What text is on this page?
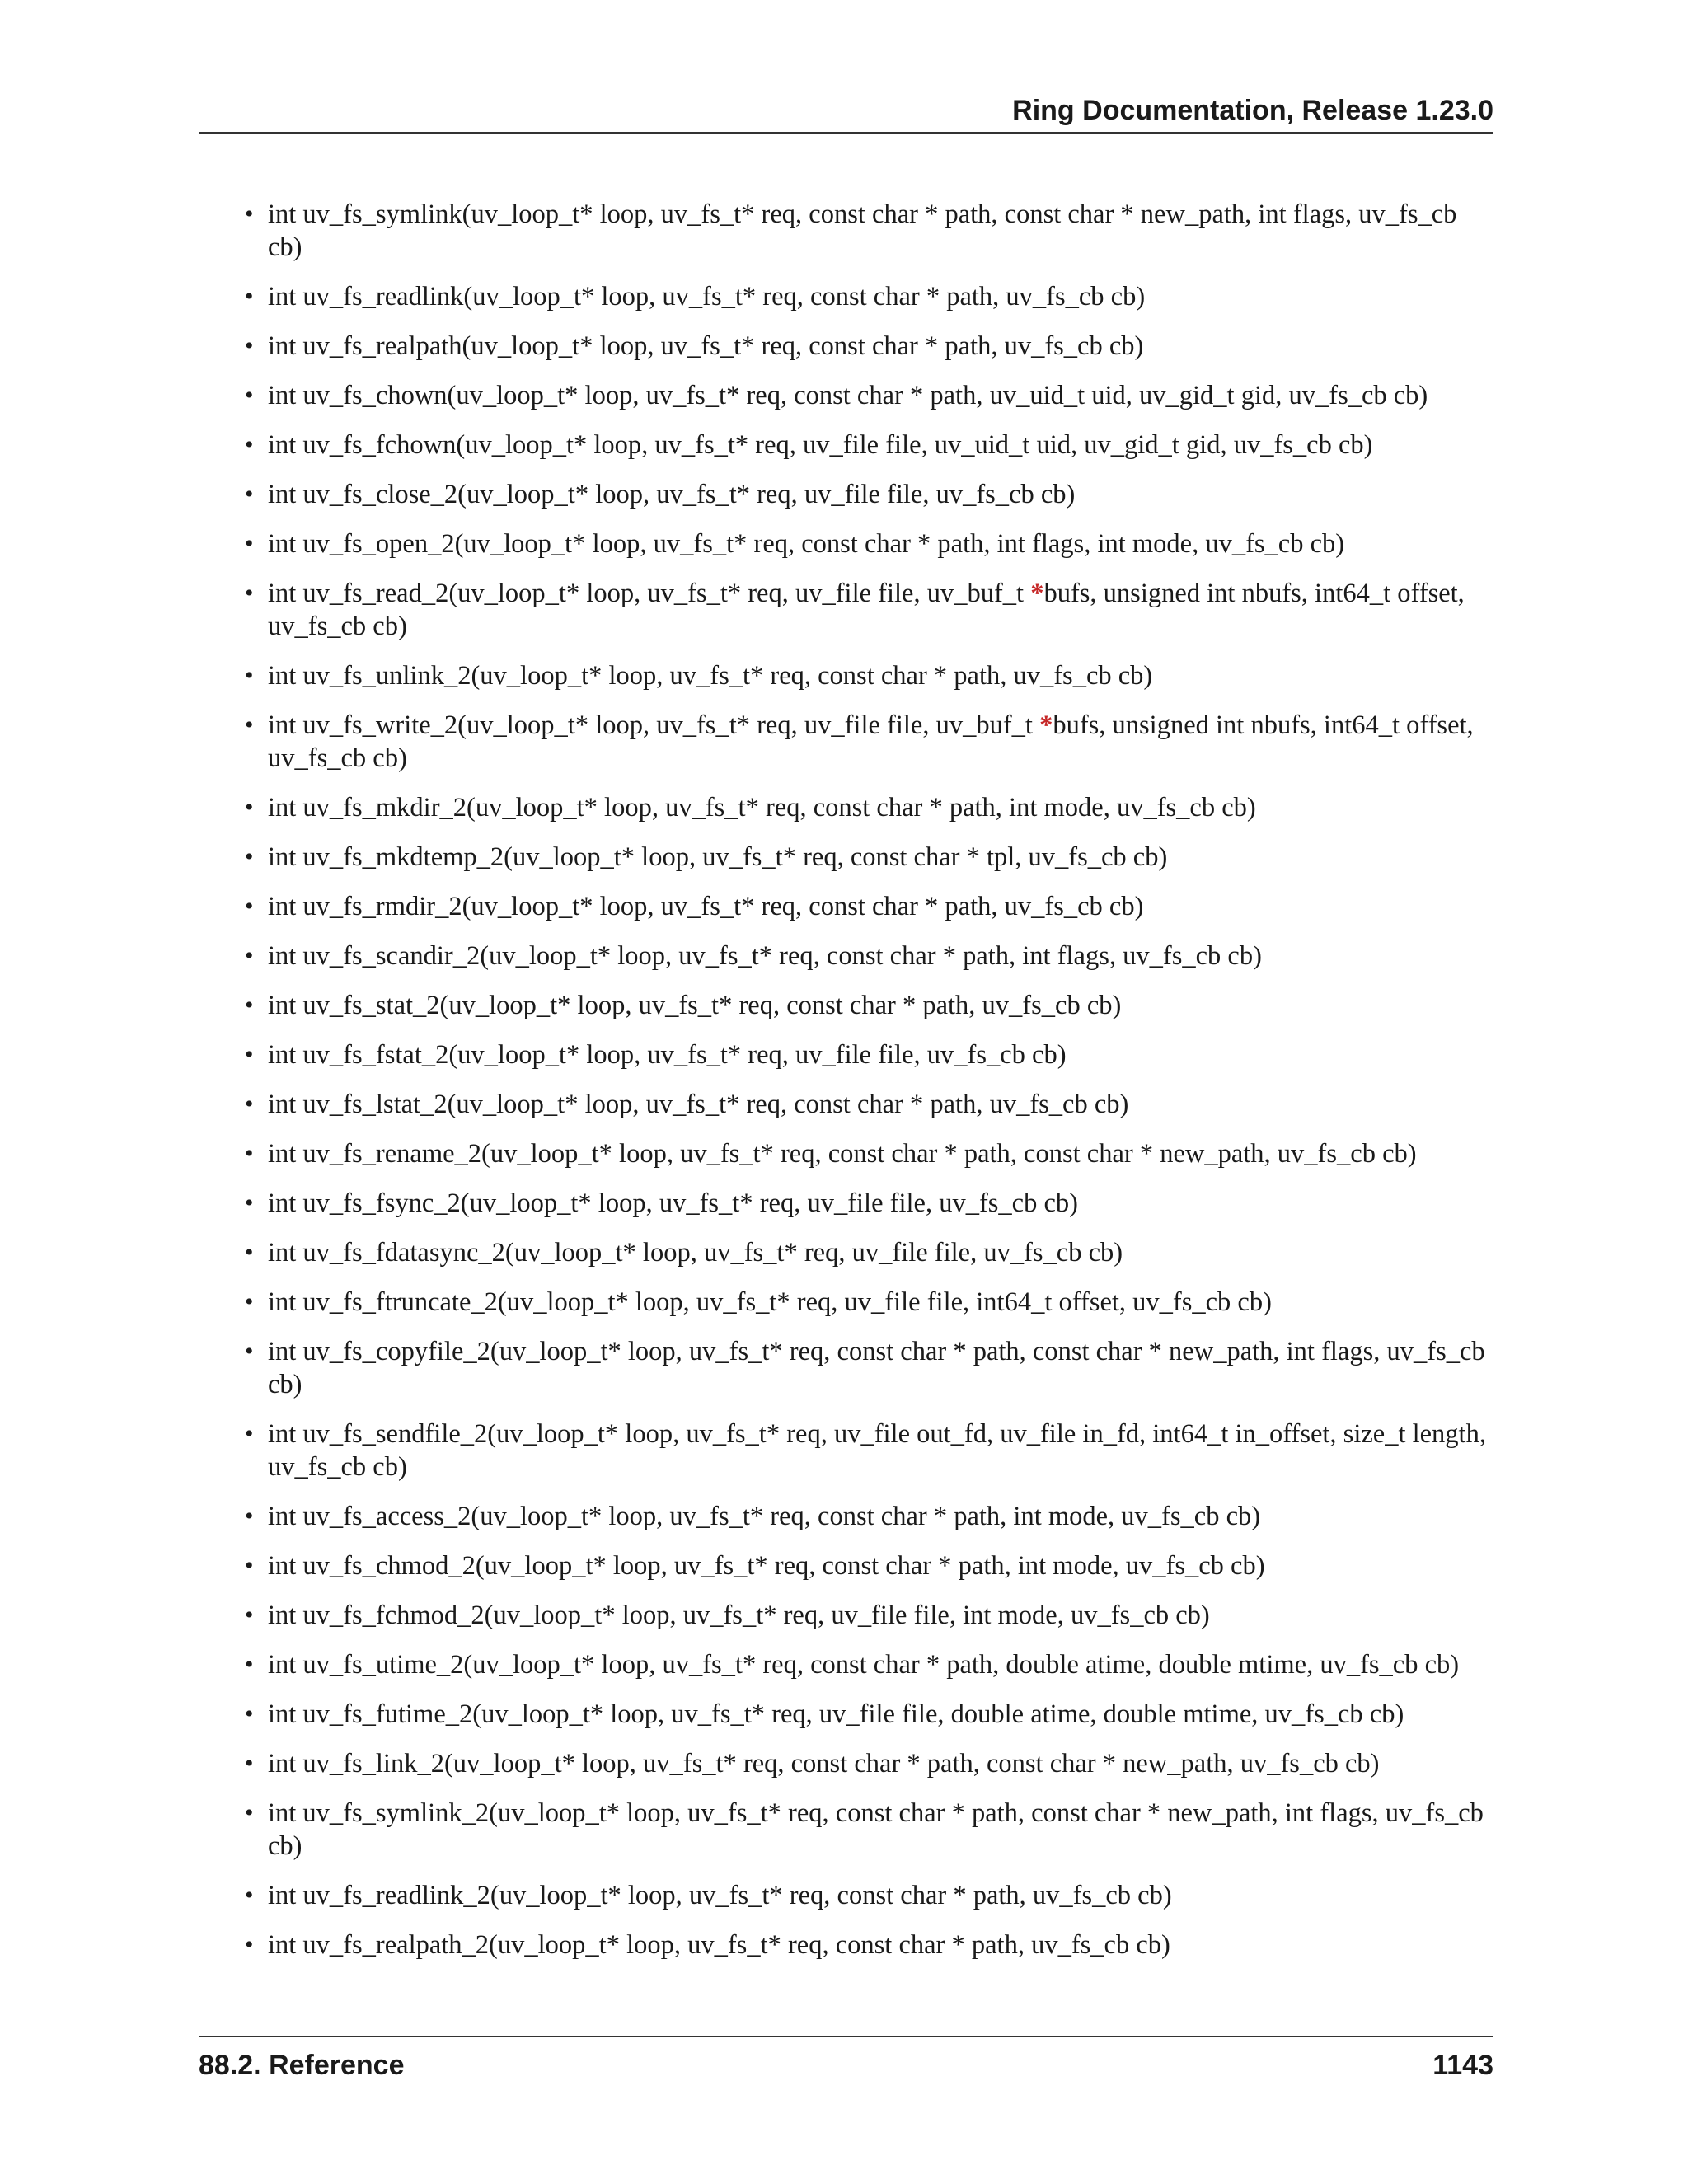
Ring Documentation, Release 1.23.0
• int uv_fs_symlink(uv_loop_t* loop, uv_fs_t* req, const char * path, const char * new_path, int flags, uv_fs_cb cb)
• int uv_fs_readlink(uv_loop_t* loop, uv_fs_t* req, const char * path, uv_fs_cb cb)
• int uv_fs_realpath(uv_loop_t* loop, uv_fs_t* req, const char * path, uv_fs_cb cb)
• int uv_fs_chown(uv_loop_t* loop, uv_fs_t* req, const char * path, uv_uid_t uid, uv_gid_t gid, uv_fs_cb cb)
• int uv_fs_fchown(uv_loop_t* loop, uv_fs_t* req, uv_file file, uv_uid_t uid, uv_gid_t gid, uv_fs_cb cb)
• int uv_fs_close_2(uv_loop_t* loop, uv_fs_t* req, uv_file file, uv_fs_cb cb)
• int uv_fs_open_2(uv_loop_t* loop, uv_fs_t* req, const char * path, int flags, int mode, uv_fs_cb cb)
• int uv_fs_read_2(uv_loop_t* loop, uv_fs_t* req, uv_file file, uv_buf_t *bufs, unsigned int nbufs, int64_t offset, uv_fs_cb cb)
• int uv_fs_unlink_2(uv_loop_t* loop, uv_fs_t* req, const char * path, uv_fs_cb cb)
• int uv_fs_write_2(uv_loop_t* loop, uv_fs_t* req, uv_file file, uv_buf_t *bufs, unsigned int nbufs, int64_t offset, uv_fs_cb cb)
• int uv_fs_mkdir_2(uv_loop_t* loop, uv_fs_t* req, const char * path, int mode, uv_fs_cb cb)
• int uv_fs_mkdtemp_2(uv_loop_t* loop, uv_fs_t* req, const char * tpl, uv_fs_cb cb)
• int uv_fs_rmdir_2(uv_loop_t* loop, uv_fs_t* req, const char * path, uv_fs_cb cb)
• int uv_fs_scandir_2(uv_loop_t* loop, uv_fs_t* req, const char * path, int flags, uv_fs_cb cb)
• int uv_fs_stat_2(uv_loop_t* loop, uv_fs_t* req, const char * path, uv_fs_cb cb)
• int uv_fs_fstat_2(uv_loop_t* loop, uv_fs_t* req, uv_file file, uv_fs_cb cb)
• int uv_fs_lstat_2(uv_loop_t* loop, uv_fs_t* req, const char * path, uv_fs_cb cb)
• int uv_fs_rename_2(uv_loop_t* loop, uv_fs_t* req, const char * path, const char * new_path, uv_fs_cb cb)
• int uv_fs_fsync_2(uv_loop_t* loop, uv_fs_t* req, uv_file file, uv_fs_cb cb)
• int uv_fs_fdatasync_2(uv_loop_t* loop, uv_fs_t* req, uv_file file, uv_fs_cb cb)
• int uv_fs_ftruncate_2(uv_loop_t* loop, uv_fs_t* req, uv_file file, int64_t offset, uv_fs_cb cb)
• int uv_fs_copyfile_2(uv_loop_t* loop, uv_fs_t* req, const char * path, const char * new_path, int flags, uv_fs_cb cb)
• int uv_fs_sendfile_2(uv_loop_t* loop, uv_fs_t* req, uv_file out_fd, uv_file in_fd, int64_t in_offset, size_t length, uv_fs_cb cb)
• int uv_fs_access_2(uv_loop_t* loop, uv_fs_t* req, const char * path, int mode, uv_fs_cb cb)
• int uv_fs_chmod_2(uv_loop_t* loop, uv_fs_t* req, const char * path, int mode, uv_fs_cb cb)
• int uv_fs_fchmod_2(uv_loop_t* loop, uv_fs_t* req, uv_file file, int mode, uv_fs_cb cb)
• int uv_fs_utime_2(uv_loop_t* loop, uv_fs_t* req, const char * path, double atime, double mtime, uv_fs_cb cb)
• int uv_fs_futime_2(uv_loop_t* loop, uv_fs_t* req, uv_file file, double atime, double mtime, uv_fs_cb cb)
• int uv_fs_link_2(uv_loop_t* loop, uv_fs_t* req, const char * path, const char * new_path, uv_fs_cb cb)
• int uv_fs_symlink_2(uv_loop_t* loop, uv_fs_t* req, const char * path, const char * new_path, int flags, uv_fs_cb cb)
• int uv_fs_readlink_2(uv_loop_t* loop, uv_fs_t* req, const char * path, uv_fs_cb cb)
• int uv_fs_realpath_2(uv_loop_t* loop, uv_fs_t* req, const char * path, uv_fs_cb cb)
88.2. Reference	1143
